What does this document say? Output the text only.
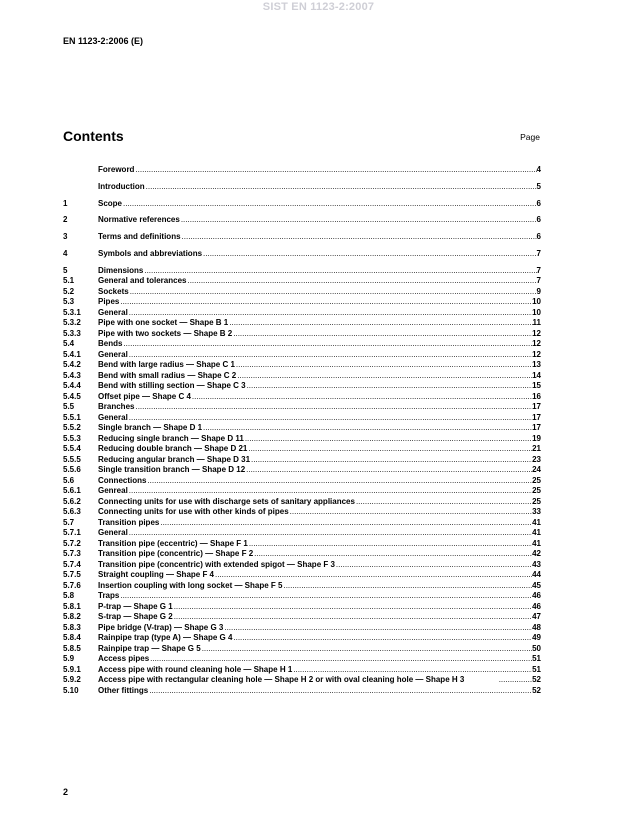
SIST EN 1123-2:2007
EN 1123-2:2006 (E)
Contents	Page
Foreword .....	4
Introduction .....	5
1	Scope .....	6
2	Normative references .....	6
3	Terms and definitions .....	6
4	Symbols and abbreviations .....	7
5	Dimensions .....	7
5.1	General and tolerances .....	7
5.2	Sockets .....	9
5.3	Pipes .....	10
5.3.1	General .....	10
5.3.2	Pipe with one socket — Shape B 1 .....	11
5.3.3	Pipe with two sockets — Shape B 2 .....	12
5.4	Bends .....	12
5.4.1	General .....	12
5.4.2	Bend with large radius — Shape C 1 .....	13
5.4.3	Bend with small radius — Shape C 2 .....	14
5.4.4	Bend with stilling section — Shape C 3 .....	15
5.4.5	Offset pipe — Shape C 4 .....	16
5.5	Branches .....	17
5.5.1	General .....	17
5.5.2	Single branch — Shape D 1 .....	17
5.5.3	Reducing single branch — Shape D 11 .....	19
5.5.4	Reducing double branch — Shape D 21 .....	21
5.5.5	Reducing angular branch — Shape D 31 .....	23
5.5.6	Single transition branch — Shape D 12 .....	24
5.6	Connections .....	25
5.6.1	Genreal .....	25
5.6.2	Connecting units for use with discharge sets of sanitary appliances .....	25
5.6.3	Connecting units for use with other kinds of pipes .....	33
5.7	Transition pipes .....	41
5.7.1	General .....	41
5.7.2	Transition pipe (eccentric) — Shape F 1 .....	41
5.7.3	Transition pipe (concentric) — Shape F 2 .....	42
5.7.4	Transition pipe (concentric) with extended spigot — Shape F 3 .....	43
5.7.5	Straight coupling — Shape F 4 .....	44
5.7.6	Insertion coupling with long socket — Shape F 5 .....	45
5.8	Traps .....	46
5.8.1	P-trap — Shape G 1 .....	46
5.8.2	S-trap — Shape G 2 .....	47
5.8.3	Pipe bridge (V-trap) — Shape G 3 .....	48
5.8.4	Rainpipe trap (type A) — Shape G 4 .....	49
5.8.5	Rainpipe trap — Shape G 5 .....	50
5.9	Access pipes .....	51
5.9.1	Access pipe with round cleaning hole — Shape H 1 .....	51
5.9.2	Access pipe with rectangular cleaning hole — Shape H 2 or with oval cleaning hole — Shape H 3 .....	52
5.10	Other fittings .....	52
2
